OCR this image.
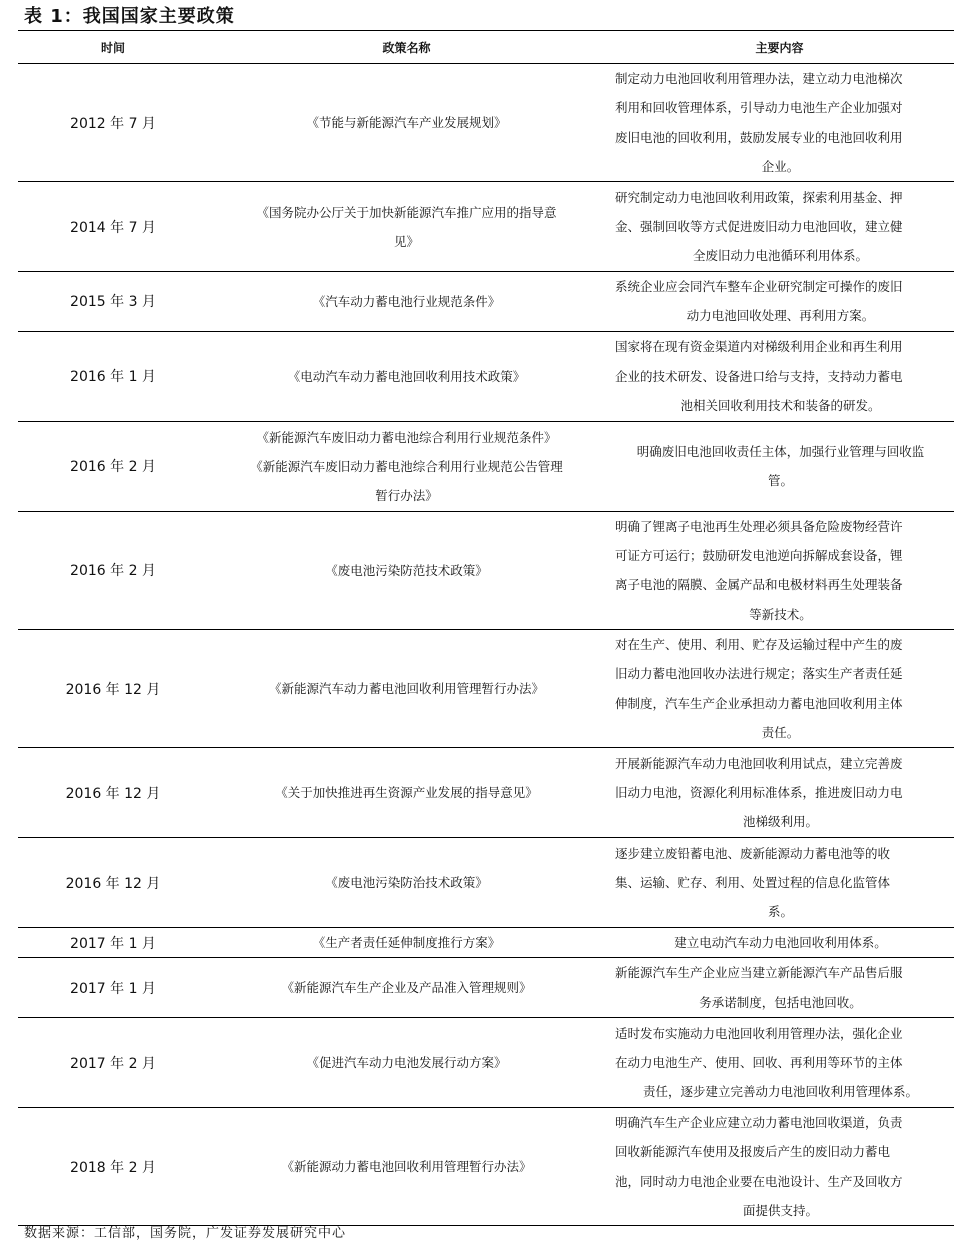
表 1：我国国家主要政策
时间	政策名称	主要内容
2012 年 7 月	《节能与新能源汽车产业发展规划》	制定动力电池回收利用管理办法，建立动力电池梯次
利用和回收管理体系，引导动力电池生产企业加强对
废旧电池的回收利用，鼓励发展专业的电池回收利用
企业。

2014 年 7 月	《国务院办公厅关于加快新能源汽车推广应用的指导意
见》	研究制定动力电池回收利用政策，探索利用基金、押
金、强制回收等方式促进废旧动力电池回收，建立健
全废旧动力电池循环利用体系。

2015 年 3 月	《汽车动力蓄电池行业规范条件》	系统企业应会同汽车整车企业研究制定可操作的废旧
动力电池回收处理、再利用方案。

2016 年 1 月	《电动汽车动力蓄电池回收利用技术政策》	国家将在现有资金渠道内对梯级利用企业和再生利用
企业的技术研发、设备进口给与支持，支持动力蓄电
池相关回收利用技术和装备的研发。

2016 年 2 月	《新能源汽车废旧动力蓄电池综合利用行业规范条件》
《新能源汽车废旧动力蓄电池综合利用行业规范公告管理
暂行办法》	明确废旧电池回收责任主体，加强行业管理与回收监
管。

2016 年 2 月	《废电池污染防范技术政策》	明确了锂离子电池再生处理必须具备危险废物经营许
可证方可运行；鼓励研发电池逆向拆解成套设备，锂
离子电池的隔膜、金属产品和电极材料再生处理装备
等新技术。

2016 年 12 月	《新能源汽车动力蓄电池回收利用管理暂行办法》	对在生产、使用、利用、贮存及运输过程中产生的废
旧动力蓄电池回收办法进行规定；落实生产者责任延
伸制度，汽车生产企业承担动力蓄电池回收利用主体
责任。

2016 年 12 月	《关于加快推进再生资源产业发展的指导意见》	开展新能源汽车动力电池回收利用试点，建立完善废
旧动力电池，资源化利用标准体系，推进废旧动力电
池梯级利用。

2016 年 12 月	《废电池污染防治技术政策》	逐步建立废铅蓄电池、废新能源动力蓄电池等的收
集、运输、贮存、利用、处置过程的信息化监管体
系。

2017 年 1 月	《生产者责任延伸制度推行方案》	建立电动汽车动力电池回收利用体系。

2017 年 1 月	《新能源汽车生产企业及产品准入管理规则》	新能源汽车生产企业应当建立新能源汽车产品售后服
务承诺制度，包括电池回收。

2017 年 2 月	《促进汽车动力电池发展行动方案》	适时发布实施动力电池回收利用管理办法，强化企业
在动力电池生产、使用、回收、再利用等环节的主体
责任，逐步建立完善动力电池回收利用管理体系。

2018 年 2 月	《新能源动力蓄电池回收利用管理暂行办法》	明确汽车生产企业应建立动力蓄电池回收渠道，负责
回收新能源汽车使用及报废后产生的废旧动力蓄电
池，同时动力电池企业要在电池设计、生产及回收方
面提供支持。
数据来源：工信部，国务院，广发证券发展研究中心
